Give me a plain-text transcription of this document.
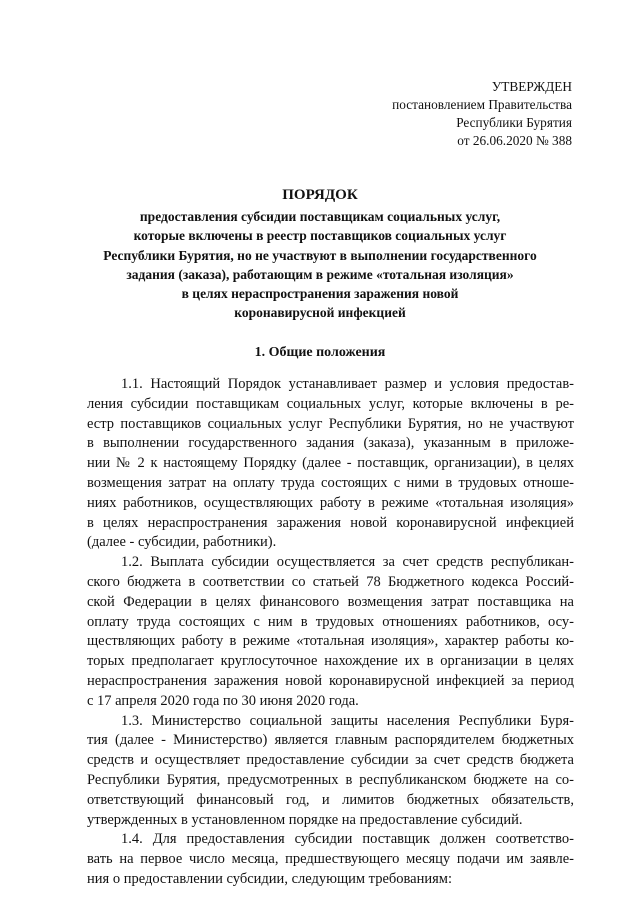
УТВЕРЖДЕН
постановлением Правительства
Республики Бурятия
от 26.06.2020 № 388
ПОРЯДОК
предоставления субсидии поставщикам социальных услуг,
которые включены в реестр поставщиков социальных услуг
Республики Бурятия, но не участвуют в выполнении государственного
задания (заказа), работающим в режиме «тотальная изоляция»
в целях нераспространения заражения новой
коронавирусной инфекцией
1. Общие положения

1.1. Настоящий Порядок устанавливает размер и условия предостав-
ления субсидии поставщикам социальных услуг, которые включены в ре-
естр поставщиков социальных услуг Республики Бурятия, но не участвуют
в выполнении государственного задания (заказа), указанным в приложе-
нии № 2 к настоящему Порядку (далее - поставщик, организации), в целях
возмещения затрат на оплату труда состоящих с ними в трудовых отноше-
ниях работников, осуществляющих работу в режиме «тотальная изоляция»
в целях нераспространения заражения новой коронавирусной инфекцией
(далее - субсидии, работники).

1.2. Выплата субсидии осуществляется за счет средств республикан-
ского бюджета в соответствии со статьей 78 Бюджетного кодекса Россий-
ской Федерации в целях финансового возмещения затрат поставщика на
оплату труда состоящих с ним в трудовых отношениях работников, осу-
ществляющих работу в режиме «тотальная изоляция», характер работы ко-
торых предполагает круглосуточное нахождение их в организации в целях
нераспространения заражения новой коронавирусной инфекцией за период
с 17 апреля 2020 года по 30 июня 2020 года.

1.3. Министерство социальной защиты населения Республики Буря-
тия (далее - Министерство) является главным распорядителем бюджетных
средств и осуществляет предоставление субсидии за счет средств бюджета
Республики Бурятия, предусмотренных в республиканском бюджете на со-
ответствующий финансовый год, и лимитов бюджетных обязательств,
утвержденных в установленном порядке на предоставление субсидий.

1.4. Для предоставления субсидии поставщик должен соответство-
вать на первое число месяца, предшествующего месяцу подачи им заявле-
ния о предоставлении субсидии, следующим требованиям:
